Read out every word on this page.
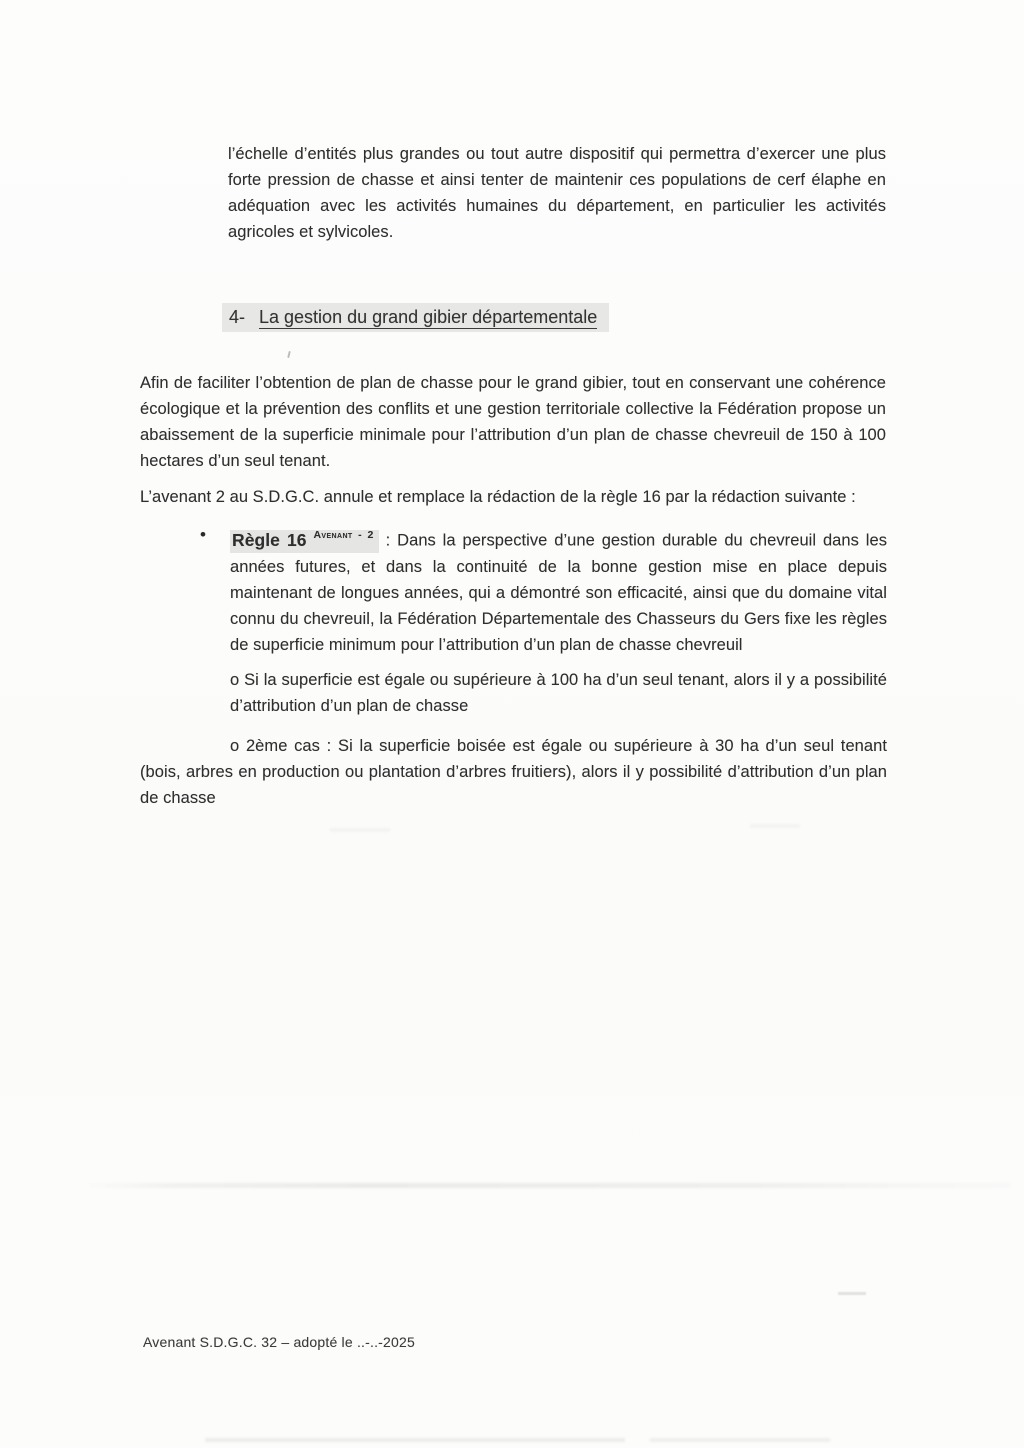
l’échelle d’entités plus grandes ou tout autre dispositif qui permettra d’exercer une plus forte pression de chasse et ainsi tenter de maintenir ces populations de cerf élaphe en adéquation avec les activités humaines du département, en particulier les activités agricoles et sylvicoles.

4- La gestion du grand gibier départementale

Afin de faciliter l’obtention de plan de chasse pour le grand gibier, tout en conservant une cohérence écologique et la prévention des conflits et une gestion territoriale collective la Fédération propose un abaissement de la superficie minimale pour l’attribution d’un plan de chasse chevreuil de 150 à 100 hectares d’un seul tenant.

L’avenant 2 au S.D.G.C. annule et remplace la rédaction de la règle 16 par la rédaction suivante :

• Règle 16 $^{Avenant - 2}$ : Dans la perspective d’une gestion durable du chevreuil dans les années futures, et dans la continuité de la bonne gestion mise en place depuis maintenant de longues années, qui a démontré son efficacité, ainsi que du domaine vital connu du chevreuil, la Fédération Départementale des Chasseurs du Gers fixe les règles de superficie minimum pour l’attribution d’un plan de chasse chevreuil

o Si la superficie est égale ou supérieure à 100 ha d’un seul tenant, alors il y a possibilité d’attribution d’un plan de chasse

o 2ème cas : Si la superficie boisée est égale ou supérieure à 30 ha d’un seul tenant (bois, arbres en production ou plantation d’arbres fruitiers), alors il y possibilité d’attribution d’un plan de chasse

Avenant S.D.G.C. 32 – adopté le ..-..-2025
